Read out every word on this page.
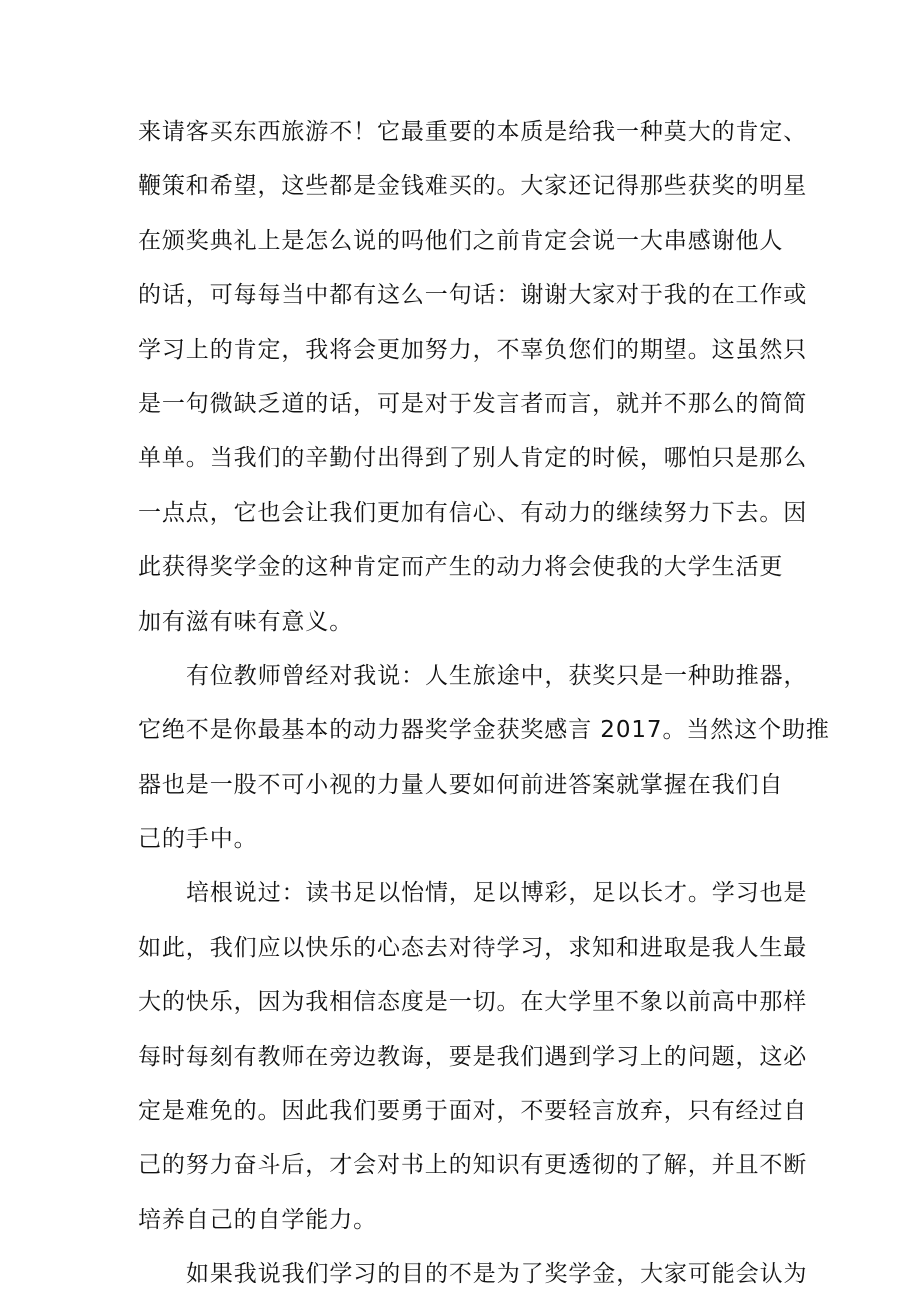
来请客买东西旅游不！它最重要的本质是给我一种莫大的肯定、
鞭策和希望，这些都是金钱难买的。大家还记得那些获奖的明星
在颁奖典礼上是怎么说的吗他们之前肯定会说一大串感谢他人
的话，可每每当中都有这么一句话：谢谢大家对于我的在工作或
学习上的肯定，我将会更加努力，不辜负您们的期望。这虽然只
是一句微缺乏道的话，可是对于发言者而言，就并不那么的简简
单单。当我们的辛勤付出得到了别人肯定的时候，哪怕只是那么
一点点，它也会让我们更加有信心、有动力的继续努力下去。因
此获得奖学金的这种肯定而产生的动力将会使我的大学生活更
加有滋有味有意义。
有位教师曾经对我说：人生旅途中，获奖只是一种助推器，
它绝不是你最基本的动力器奖学金获奖感言 2017。当然这个助推
器也是一股不可小视的力量人要如何前进答案就掌握在我们自
己的手中。
培根说过：读书足以怡情，足以博彩，足以长才。学习也是
如此，我们应以快乐的心态去对待学习，求知和进取是我人生最
大的快乐，因为我相信态度是一切。在大学里不象以前高中那样
每时每刻有教师在旁边教诲，要是我们遇到学习上的问题，这必
定是难免的。因此我们要勇于面对，不要轻言放弃，只有经过自
己的努力奋斗后，才会对书上的知识有更透彻的了解，并且不断
培养自己的自学能力。
如果我说我们学习的目的不是为了奖学金，大家可能会认为
